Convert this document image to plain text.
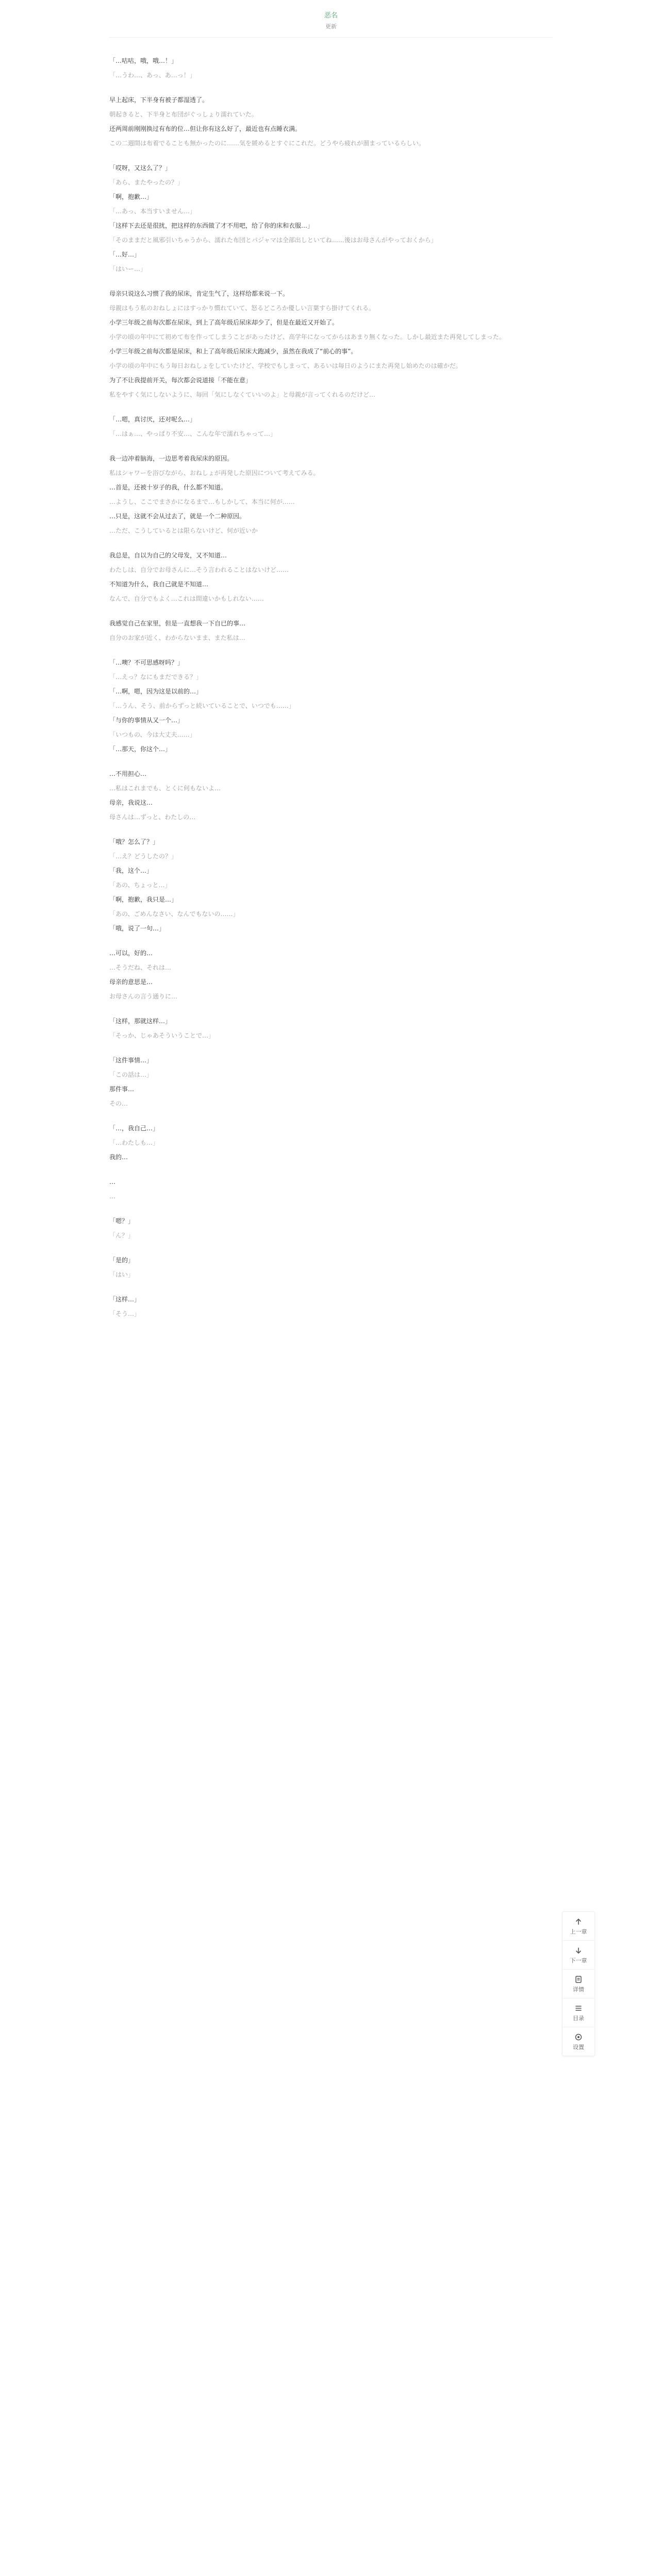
恶名
更新

「…咕咕，哦，哦…！」

「…うわ…、あっ、あ…っ！」

早上起床，下半身有被子都湿透了。

朝起きると、下半身と布団がぐっしょり濡れていた。

还两周前刚刚换过有布的位…但让你有这么好了，最近也有点睡衣满。

この二週間は布着でることも無かったのに……気を緩めるとすぐにこれだ。どうやら疲れが溜まっているらしい。

「哎呀，又这么了？」

「あら、またやったの？」

「啊，抱歉…」

「…あっ、本当すいません…」

「这样下去还是很扰，把这样的东西做了才不用吧，给了你的床和衣服…」

「そのままだと風邪引いちゃうから、濡れた布団とパジャマは全部出しといてね……後はお母さんがやっておくから」

「…好…」

「はいー…」

母亲只说这么习惯了我的尿床，肯定生气了，这样给都来说一下。

母親はもう私のおねしょにはすっかり慣れていて、怒るどころか優しい言葉すら掛けてくれる。

小学三年级之前每次都在尿床，到上了高年级后尿床却少了，但是在最近又开始了。

小学の頃の年中にて初めて布を作ってしまうことがあったけど、高学年になってからはあまり無くなった。しかし最近また再発してしまった。

小学三年级之前每次都是尿床，和上了高年级后尿床大跑减少，虽然在我成了“前心的事”。

小学の頃の年中にもう毎日おねしょをしていたけど、学校でもしまって、あるいは毎日のようにまた再発し始めたのは確かだ。

为了不让我提前开关，每次都会说道接「不能在意」

私をやすく気にしないように、毎回「気にしなくていいのよ」と母親が言ってくれるのだけど…

「…嗯，真讨厌，还对呢么…」

「…はぁ…、やっぱり不安…、こんな年で濡れちゃって…」

我一边冲着脑海，一边思考着我尿床的原因。

私はシャワーを浴びながら、おねしょが再発した原因について考えてみる。

…首是，还被十岁子的我，什么都不知道。

…ようし、ここでまさかになるまで…もしかして、本当に何が……

…只是，这就不会从过去了，就是一个二种原因。

…ただ、こうしているとは限らないけど、何が近いか

我总是，自以为自己的父母发，又不知道…

わたしは、自分でお母さんに…そう言われることはないけど……

不知道为什么，我自己就是不知道…

なんで、自分でもよく…これは間違いかもしれない……

我感觉自己在家里，但是一直想我一下自已的事…

自分のお家が近く、わからないまま、また私は…

「…噢？不可思感呀吗？」

「…えっ？なにもまだできる？」

「…啊，嗯，因为这是以前的…」

「…うん、そう、前からずっと続いていることで、いつでも……」

「与你的事情从又一个…」

「いつもの、今は大丈夫……」

「…那天，你这个…」

…不用担心…

…私はこれまでも、とくに何もないよ…

母亲，我说这…

母さんは…ずっと、わたしの…

「哦？怎么了？」

「…え？どうしたの？」

「我，这个…」

「あの、ちょっと…」

「啊，抱歉，我只是…」

「あの、ごめんなさい、なんでもないの……」

「哦，说了一句…」

…可以，好的…

…そうだね、それは…

母亲的意思是…

お母さんの言う通りに…

「这样，那就这样…」

「そっか、じゃあそういうことで…」

「这件事情…」

「この話は…」

那件事…

その…

「…，我自己…」

「…わたしも…」

我的…

…

…

「嗯？」

「ん？」

「是的」

「はい」

「这样…」

「そう…」

上一章
下一章
详情
目录
设置
